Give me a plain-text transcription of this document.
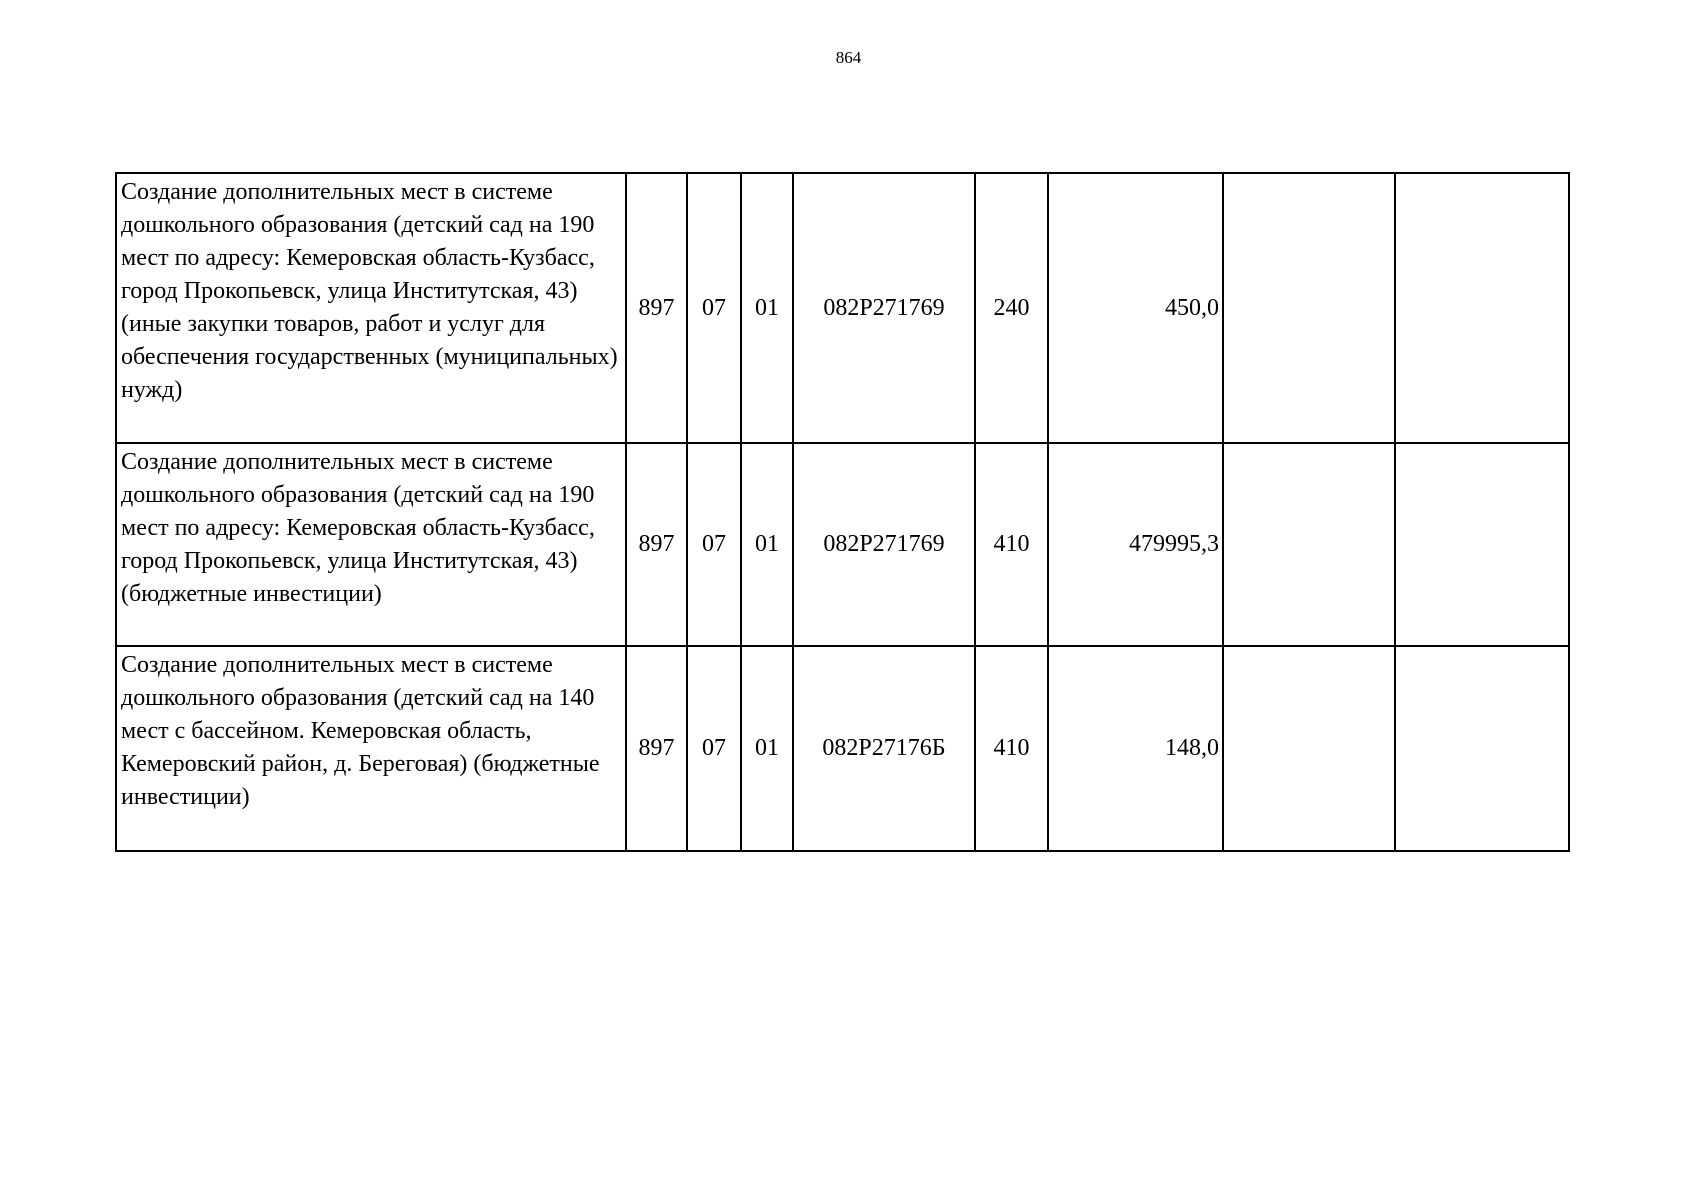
864
Создание дополнительных мест в системе дошкольного образования (детский сад на 190 мест по адресу: Кемеровская область-Кузбасс, город Прокопьевск, улица Институтская, 43) (иные закупки товаров, работ и услуг для обеспечения государственных (муниципальных) нужд)	897	07	01	082P271769	240	450,0		
Создание дополнительных мест в системе дошкольного образования (детский сад на 190 мест по адресу: Кемеровская область-Кузбасс, город Прокопьевск, улица Институтская, 43) (бюджетные инвестиции)	897	07	01	082P271769	410	479995,3		
Создание дополнительных мест в системе дошкольного образования (детский сад на 140 мест с бассейном. Кемеровская область, Кемеровский район, д. Береговая) (бюджетные инвестиции)	897	07	01	082P27176Б	410	148,0		
